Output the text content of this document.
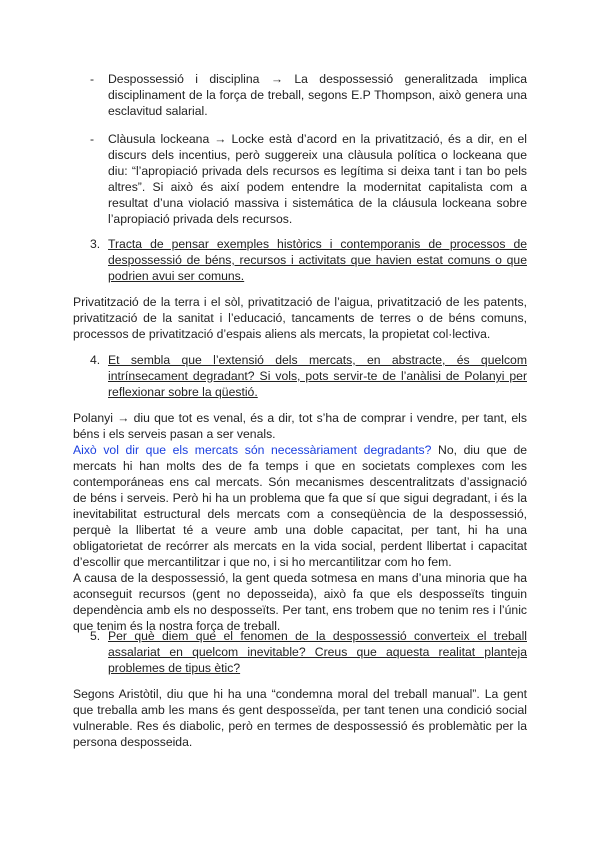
- Despossessió i disciplina → La despossessió generalitzada implica disciplinament de la força de treball, segons E.P Thompson, això genera una esclavitud salarial.

- Clàusula lockeana → Locke està d’acord en la privatització, és a dir, en el discurs dels incentius, però suggereix una clàusula política o lockeana que diu: “l’apropiació privada dels recursos es legítima si deixa tant i tan bo pels altres”. Si això és així podem entendre la modernitat capitalista com a resultat d’una violació massiva i sistemática de la cláusula lockeana sobre l’apropiació privada dels recursos.

3. Tracta de pensar exemples històrics i contemporanis de processos de despossessió de béns, recursos i activitats que havien estat comuns o que podrien avui ser comuns.

Privatització de la terra i el sòl, privatització de l’aigua, privatització de les patents, privatització de la sanitat i l’educació, tancaments de terres o de béns comuns, processos de privatització d’espais aliens als mercats, la propietat col·lectiva.

4. Et sembla que l’extensió dels mercats, en abstracte, és quelcom intrínsecament degradant? Si vols, pots servir-te de l’anàlisi de Polanyi per reflexionar sobre la qüestió.

Polanyi → diu que tot es venal, és a dir, tot s’ha de comprar i vendre, per tant, els béns i els serveis pasan a ser venals.

Això vol dir que els mercats són necessàriament degradants? No, diu que de mercats hi han molts des de fa temps i que en societats complexes com les contemporáneas ens cal mercats. Són mecanismes descentralitzats d’assignació de béns i serveis. Però hi ha un problema que fa que sí que sigui degradant, i és la inevitabilitat estructural dels mercats com a conseqüència de la despossessió, perquè la llibertat té a veure amb una doble capacitat, per tant, hi ha una obligatorietat de recórrer als mercats en la vida social, perdent llibertat i capacitat d’escollir que mercantilitzar i que no, i si ho mercantilitzar com ho fem.

A causa de la despossessió, la gent queda sotmesa en mans d’una minoria que ha aconseguit recursos (gent no deposseida), això fa que els desposseïts tinguin dependència amb els no desposseïts. Per tant, ens trobem que no tenim res i l’únic que tenim és la nostra força de treball.

5. Per què diem que el fenomen de la despossessió converteix el treball assalariat en quelcom inevitable? Creus que aquesta realitat planteja problemes de tipus ètic?

Segons Aristòtil, diu que hi ha una “condemna moral del treball manual”. La gent que treballa amb les mans és gent desposseïda, per tant tenen una condició social vulnerable. Res és diabolic, però en termes de despossessió és problemàtic per la persona desposseida.
